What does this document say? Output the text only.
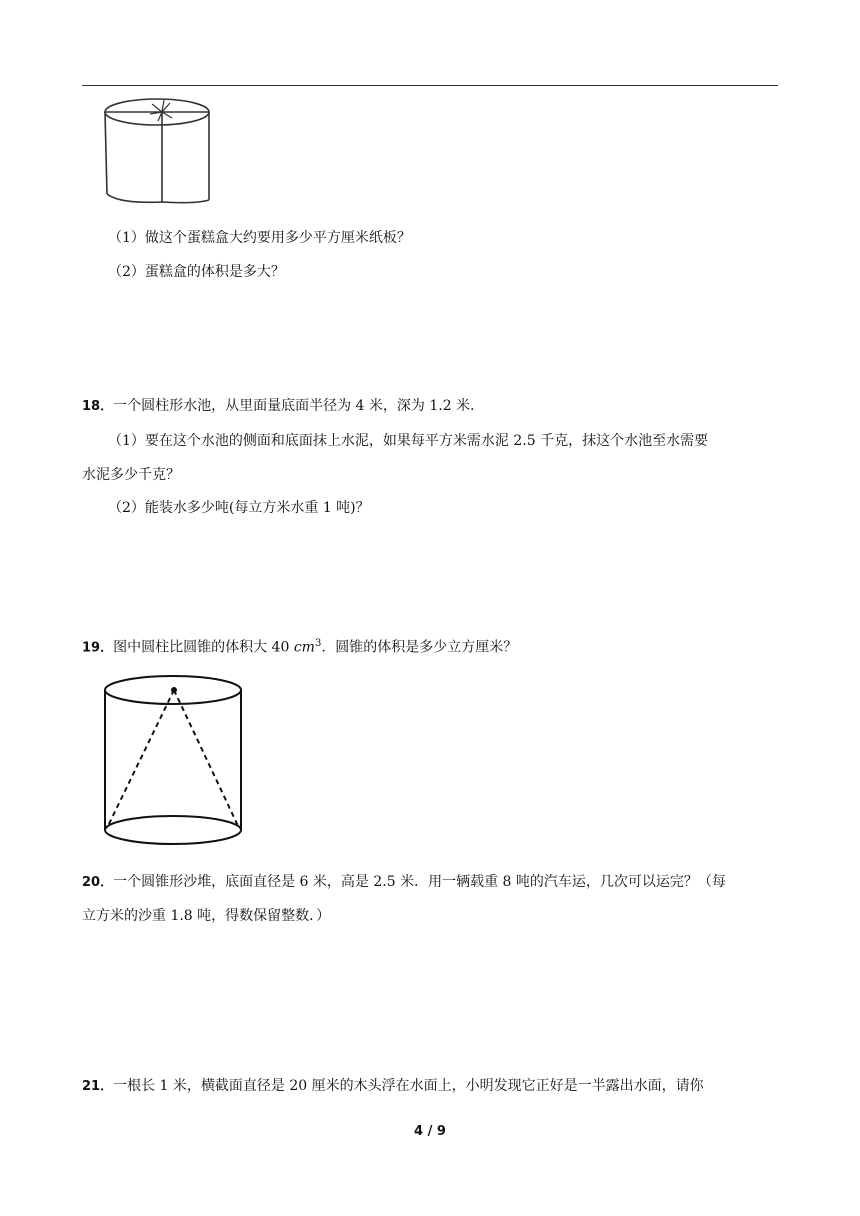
（1）做这个蛋糕盒大约要用多少平方厘米纸板？
（2）蛋糕盒的体积是多大？
18．一个圆柱形水池，从里面量底面半径为 4 米，深为 1.2 米．
（1）要在这个水池的侧面和底面抹上水泥，如果每平方米需水泥 2.5 千克，抹这个水池至水需要
水泥多少千克？
（2）能装水多少吨(每立方米水重 1 吨)？
19．图中圆柱比圆锥的体积大 40 $cm^3$．圆锥的体积是多少立方厘米？
20．一个圆锥形沙堆，底面直径是 6 米，高是 2.5 米．用一辆载重 8 吨的汽车运，几次可以运完？（每
立方米的沙重 1.8 吨，得数保留整数．）
21．一根长 1 米，横截面直径是 20 厘米的木头浮在水面上，小明发现它正好是一半露出水面，请你
4 / 9
